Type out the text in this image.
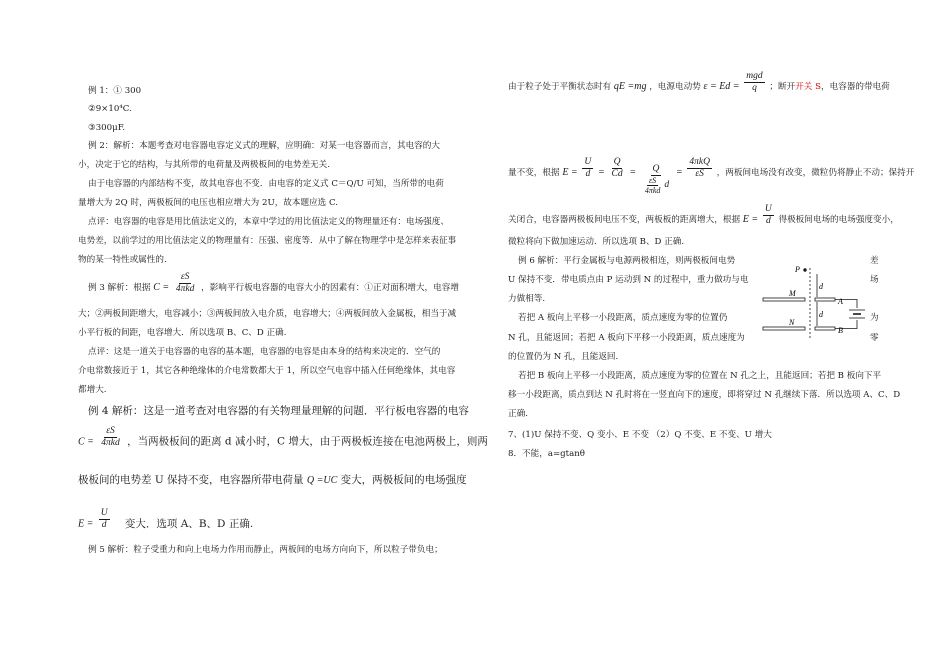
例 1：① 300
②9×10⁴C.
③300μF.
例 2：解析：本题考查对电容器电容定义式的理解，应明确：对某一电容器而言，其电容的大
小，决定于它的结构，与其所带的电荷量及两极板间的电势差无关.
由于电容器的内部结构不变，故其电容也不变．由电容的定义式 C＝Q/U 可知，当所带的电荷
量增大为 2Q 时，两极板间的电压也相应增大为 2U，故本题应选 C.
点评：电容器的电容是用比值法定义的，本章中学过的用比值法定义的物理量还有：电场强度、
电势差，以前学过的用比值法定义的物理量有：压强、密度等．从中了解在物理学中是怎样来表征事
物的某一特性或属性的.
例 3 解析：根据 $C = \frac{\varepsilon S}{\text{4πkd}}$ ，影响平行板电容器的电容大小的因素有：①正对面积增大，电容增
大；②两板间距增大，电容减小；③两板间放入电介质，电容增大；④两板间放入金属板，相当于减
小平行板的间距，电容增大．所以选项 B、C、D 正确.
点评：这是一道关于电容器的电容的基本题，电容器的电容是由本身的结构来决定的．空气的
介电常数接近于 1，其它各种绝缘体的介电常数都大于 1，所以空气电容中插入任何绝缘体，其电容
都增大.
例 4 解析：这是一道考查对电容器的有关物理量理解的问题．平行板电容器的电容
$C = \frac{\varepsilon S}{\text{4πkd}}$ ，当两极板间的距离 d 减小时，C 增大，由于两极板连接在电池两极上，则两
极板间的电势差 U 保持不变，电容器所带电荷量 Q =UC 变大，两极板间的电场强度
$E = \frac{U}{d}$ 变大．选项 A、B、D 正确.
例 5 解析：粒子受重力和向上电场力作用而静止，两板间的电场方向向下，所以粒子带负电；
由于粒子处于平衡状态时有 qE =mg ，电源电动势 $\varepsilon = Ed = \frac{\text{mgd}}{q}$ ；断开开关 S，电容器的带电荷
量不变，根据 $E = \frac{U}{d} = \frac{Q}{Cd} = \frac{Q}{\frac{\varepsilon S}{\text{4πkd}} d} = \frac{\text{4πkQ}}{\varepsilon S}$ ，两板间电场没有改变，微粒仍将静止不动；保持开
关闭合，电容器两极板间电压不变，两板板的距离增大，根据 $E = \frac{U}{d}$ 得极板间电场的电场强度变小，
微粒将向下做加速运动．所以选项 B、D 正确.
例 6 解析：平行金属板与电源两极相连，则两极板间电势	差
U 保持不变．带电质点由 P 运动到 N 的过程中，重力做功与电	场
力做相等.
若把 A 板向上平移一小段距离，质点速度为零的位置仍	为
N 孔，且能返回；若把 A 板向下平移一小段距离，质点速度为	零
的位置仍为 N 孔，且能返回.
若把 B 板向上平移一小段距离，质点速度为零的位置在 N 孔之上，且能返回；若把 B 板向下平
移一小段距离，质点到达 N 孔时将在一竖直向下的速度，即将穿过 N 孔继续下落．所以选项 A、C、D
正确.
7、(1)U 保持不变、Q 变小、E 不变 （2）Q 不变、E 不变、U 增大
8．不能，a=gtanθ
P
M
N
A
B
d
d
